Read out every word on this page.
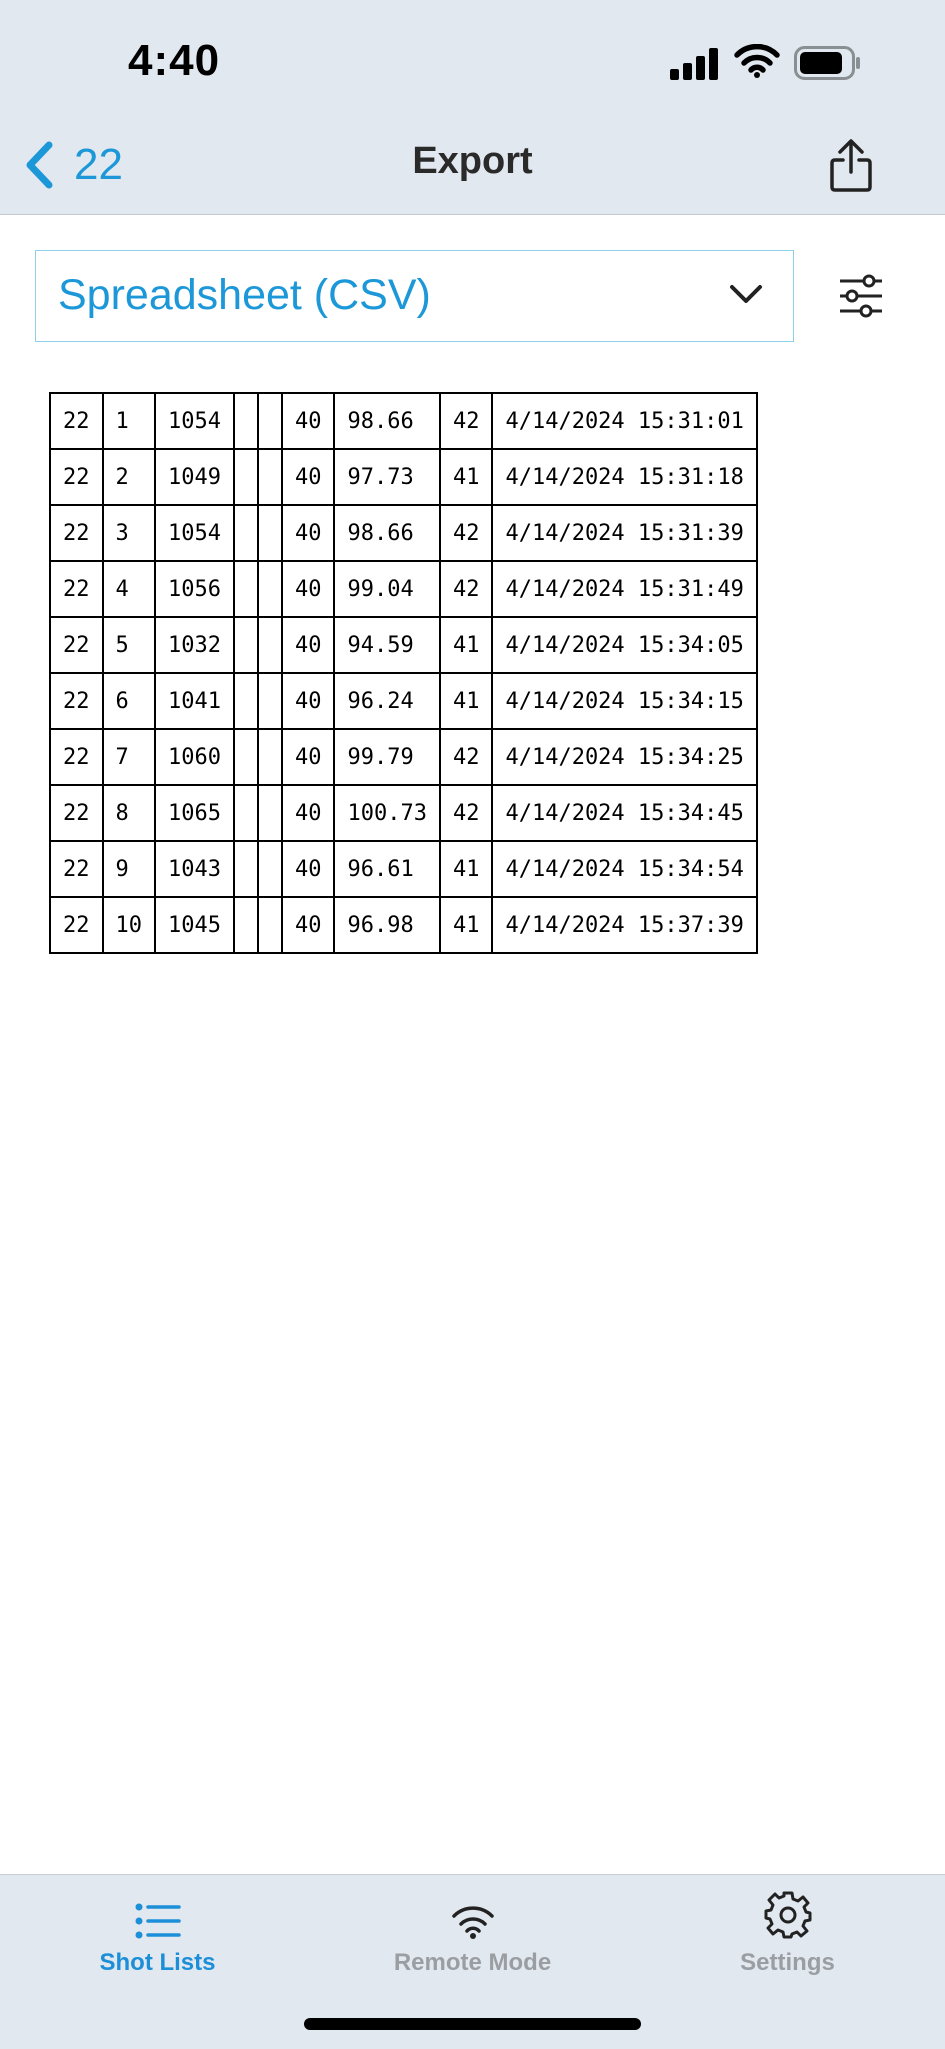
4:40
22	Export
Spreadsheet (CSV)
22	1	1054			40	98.66	42	4/14/2024 15:31:01
22	2	1049			40	97.73	41	4/14/2024 15:31:18
22	3	1054			40	98.66	42	4/14/2024 15:31:39
22	4	1056			40	99.04	42	4/14/2024 15:31:49
22	5	1032			40	94.59	41	4/14/2024 15:34:05
22	6	1041			40	96.24	41	4/14/2024 15:34:15
22	7	1060			40	99.79	42	4/14/2024 15:34:25
22	8	1065			40	100.73	42	4/14/2024 15:34:45
22	9	1043			40	96.61	41	4/14/2024 15:34:54
22	10	1045			40	96.98	41	4/14/2024 15:37:39
Shot Lists	Remote Mode	Settings
